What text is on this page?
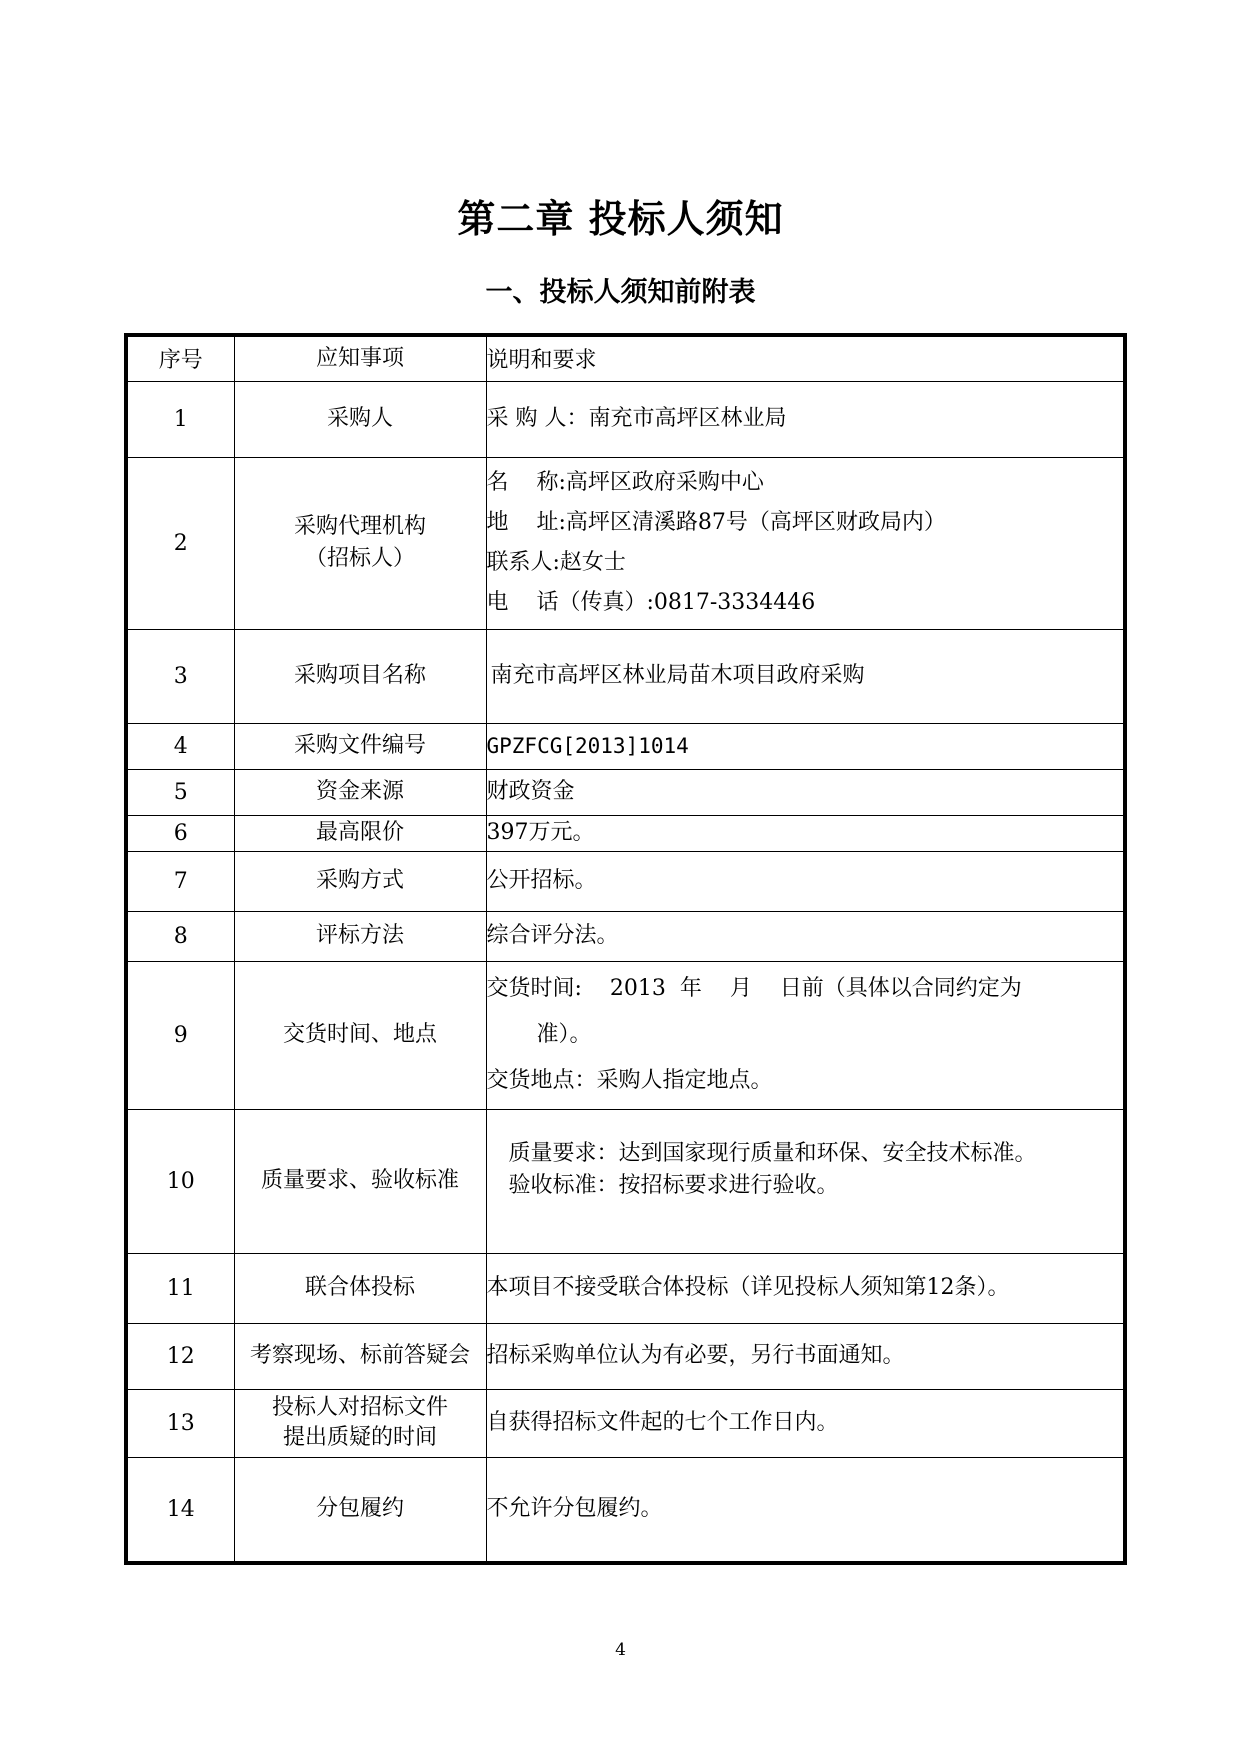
第二章 投标人须知
一、投标人须知前附表
序号	应知事项	说明和要求
1	采购人	采 购 人：南充市高坪区林业局

2	采购代理机构
（招标人）	名    称:高坪区政府采购中心
地    址:高坪区清溪路87号（高坪区财政局内）
联系人:赵女士
电    话（传真）:0817-3334446

3	采购项目名称	南充市高坪区林业局苗木项目政府采购

4	采购文件编号	GPZFCG[2013]1014

5	资金来源	财政资金

6	最高限价	397万元。

7	采购方式	公开招标。

8	评标方法	综合评分法。

9	交货时间、地点	交货时间:    2013  年    月    日前（具体以合同约定为
准）。
交货地点：采购人指定地点。

10	质量要求、验收标准	质量要求：达到国家现行质量和环保、安全技术标准。
验收标准：按招标要求进行验收。

11	联合体投标	本项目不接受联合体投标（详见投标人须知第12条）。

12	考察现场、标前答疑会	招标采购单位认为有必要，另行书面通知。

13	投标人对招标文件
提出质疑的时间	自获得招标文件起的七个工作日内。

14	分包履约	不允许分包履约。
4
